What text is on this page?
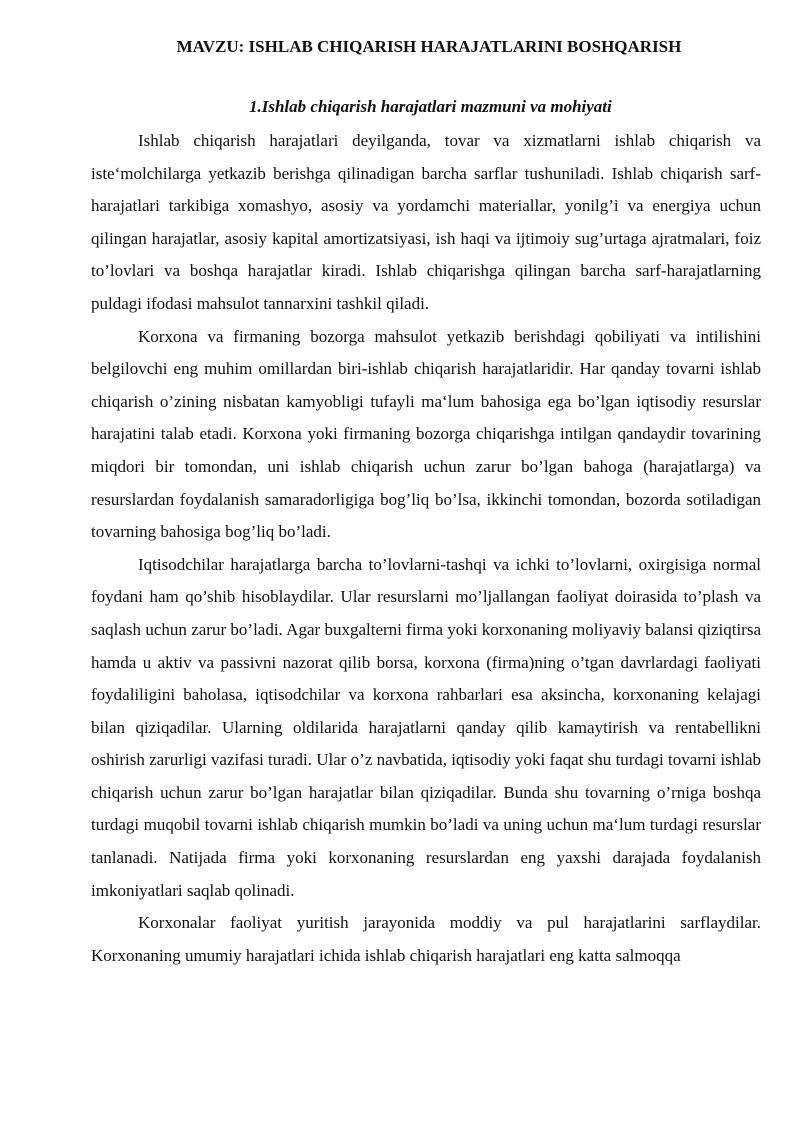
MAVZU: ISHLAB CHIQARISH HARAJATLARINI BOSHQARISH
1.Ishlab chiqarish harajatlari mazmuni va mohiyati

Ishlab chiqarish harajatlari deyilganda, tovar va xizmatlarni ishlab chiqarish va iste‘molchilarga yetkazib berishga qilinadigan barcha sarflar tushuniladi. Ishlab chiqarish sarf-harajatlari tarkibiga xomashyo, asosiy va yordamchi materiallar, yonilg’i va energiya uchun qilingan harajatlar, asosiy kapital amortizatsiyasi, ish haqi va ijtimoiy sug’urtaga ajratmalari, foiz to’lovlari va boshqa harajatlar kiradi. Ishlab chiqarishga qilingan barcha sarf-harajatlarning puldagi ifodasi mahsulot tannarxini tashkil qiladi.

Korxona va firmaning bozorga mahsulot yetkazib berishdagi qobiliyati va intilishini belgilovchi eng muhim omillardan biri-ishlab chiqarish harajatlaridir. Har qanday tovarni ishlab chiqarish o’zining nisbatan kamyobligi tufayli ma‘lum bahosiga ega bo’lgan iqtisodiy resurslar harajatini talab etadi. Korxona yoki firmaning bozorga chiqarishga intilgan qandaydir tovarining miqdori bir tomondan, uni ishlab chiqarish uchun zarur bo’lgan bahoga (harajatlarga) va resurslardan foydalanish samaradorligiga bog’liq bo’lsa, ikkinchi tomondan, bozorda sotiladigan tovarning bahosiga bog’liq bo’ladi.

Iqtisodchilar harajatlarga barcha to’lovlarni-tashqi va ichki to’lovlarni, oxirgisiga normal foydani ham qo’shib hisoblaydilar. Ular resurslarni mo’ljallangan faoliyat doirasida to’plash va saqlash uchun zarur bo’ladi. Agar buxgalterni firma yoki korxonaning moliyaviy balansi qiziqtirsa hamda u aktiv va passivni nazorat qilib borsa, korxona (firma)ning o’tgan davrlardagi faoliyati foydaliligini baholasa, iqtisodchilar va korxona rahbarlari esa aksincha, korxonaning kelajagi bilan qiziqadilar. Ularning oldilarida harajatlarni qanday qilib kamaytirish va rentabellikni oshirish zarurligi vazifasi turadi. Ular o’z navbatida, iqtisodiy yoki faqat shu turdagi tovarni ishlab chiqarish uchun zarur bo’lgan harajatlar bilan qiziqadilar. Bunda shu tovarning o’rniga boshqa turdagi muqobil tovarni ishlab chiqarish mumkin bo’ladi va uning uchun ma‘lum turdagi resurslar tanlanadi. Natijada firma yoki korxonaning resurslardan eng yaxshi darajada foydalanish imkoniyatlari saqlab qolinadi.

Korxonalar faoliyat yuritish jarayonida moddiy va pul harajatlarini sarflaydilar. Korxonaning umumiy harajatlari ichida ishlab chiqarish harajatlari eng katta salmoqqa
